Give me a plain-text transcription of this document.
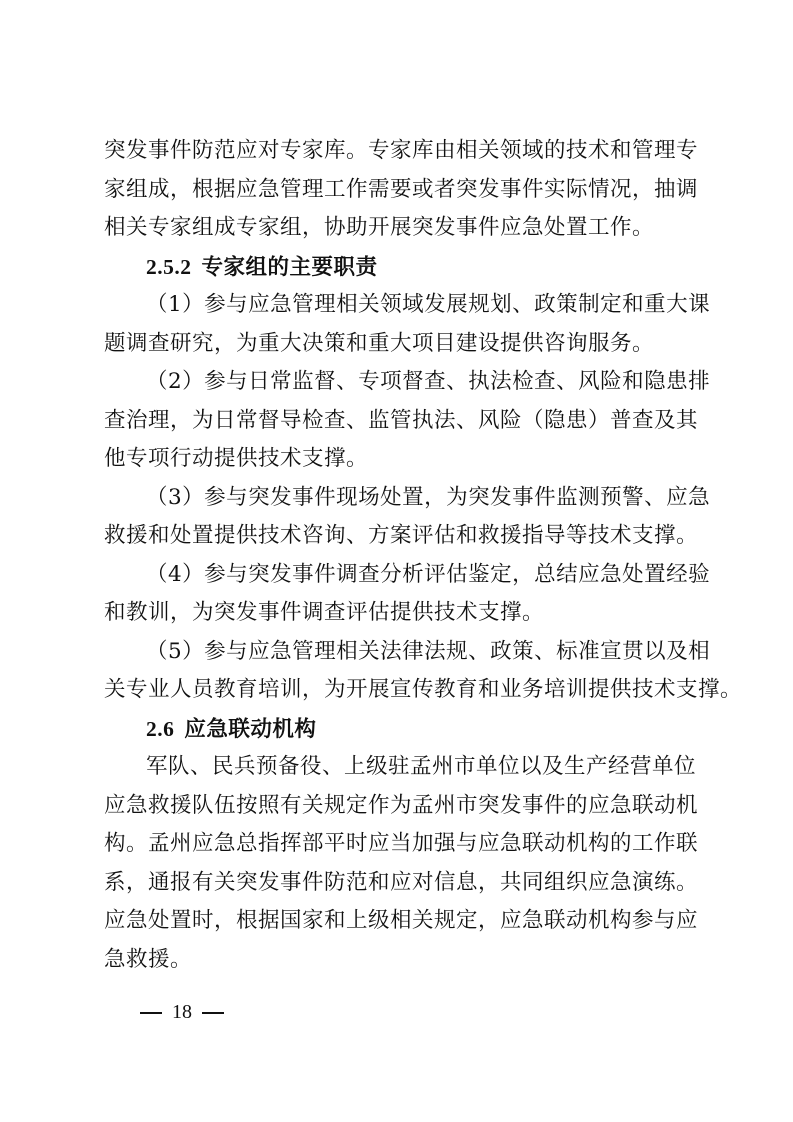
突发事件防范应对专家库。专家库由相关领域的技术和管理专
家组成，根据应急管理工作需要或者突发事件实际情况，抽调
相关专家组成专家组，协助开展突发事件应急处置工作。
2.5.2 专家组的主要职责
（1）参与应急管理相关领域发展规划、政策制定和重大课
题调查研究，为重大决策和重大项目建设提供咨询服务。
（2）参与日常监督、专项督查、执法检查、风险和隐患排
查治理，为日常督导检查、监管执法、风险（隐患）普查及其
他专项行动提供技术支撑。
（3）参与突发事件现场处置，为突发事件监测预警、应急
救援和处置提供技术咨询、方案评估和救援指导等技术支撑。
（4）参与突发事件调查分析评估鉴定，总结应急处置经验
和教训，为突发事件调查评估提供技术支撑。
（5）参与应急管理相关法律法规、政策、标准宣贯以及相
关专业人员教育培训，为开展宣传教育和业务培训提供技术支撑。
2.6 应急联动机构
军队、民兵预备役、上级驻孟州市单位以及生产经营单位
应急救援队伍按照有关规定作为孟州市突发事件的应急联动机
构。孟州应急总指挥部平时应当加强与应急联动机构的工作联
系，通报有关突发事件防范和应对信息，共同组织应急演练。
应急处置时，根据国家和上级相关规定，应急联动机构参与应
急救援。
18
